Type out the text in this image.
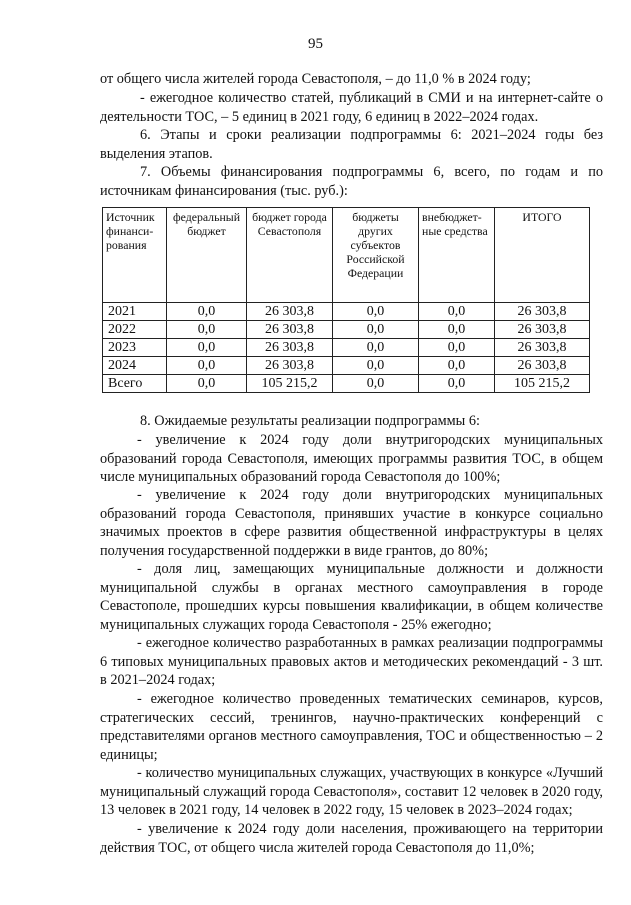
95

от общего числа жителей города Севастополя, – до 11,0 % в 2024 году;

- ежегодное количество статей, публикаций в СМИ и на интернет-сайте о деятельности ТОС, – 5 единиц в 2021 году, 6 единиц в 2022–2024 годах.

6. Этапы и сроки реализации подпрограммы 6: 2021–2024 годы без выделения этапов.

7. Объемы финансирования подпрограммы 6, всего, по годам и по источникам финансирования (тыс. руб.):

Источник финанси-рования	федеральный бюджет	бюджет города Севастополя	бюджеты других субъектов Российской Федерации	внебюджет-ные средства	ИТОГО
2021	0,0	26 303,8	0,0	0,0	26 303,8
2022	0,0	26 303,8	0,0	0,0	26 303,8
2023	0,0	26 303,8	0,0	0,0	26 303,8
2024	0,0	26 303,8	0,0	0,0	26 303,8
Всего	0,0	105 215,2	0,0	0,0	105 215,2

8. Ожидаемые результаты реализации подпрограммы 6:

- увеличение к 2024 году доли внутригородских муниципальных образований города Севастополя, имеющих программы развития ТОС, в общем числе муниципальных образований города Севастополя до 100%;

- увеличение к 2024 году доли внутригородских муниципальных образований города Севастополя, принявших участие в конкурсе социально значимых проектов в сфере развития общественной инфраструктуры в целях получения государственной поддержки в виде грантов, до 80%;

- доля лиц, замещающих муниципальные должности и должности муниципальной службы в органах местного самоуправления в городе Севастополе, прошедших курсы повышения квалификации, в общем количестве муниципальных служащих города Севастополя - 25% ежегодно;

- ежегодное количество разработанных в рамках реализации подпрограммы 6 типовых муниципальных правовых актов и методических рекомендаций - 3 шт. в 2021–2024 годах;

- ежегодное количество проведенных тематических семинаров, курсов, стратегических сессий, тренингов, научно-практических конференций с представителями органов местного самоуправления, ТОС и общественностью – 2 единицы;

- количество муниципальных служащих, участвующих в конкурсе «Лучший муниципальный служащий города Севастополя», составит 12 человек в 2020 году, 13 человек в 2021 году, 14 человек в 2022 году, 15 человек в 2023–2024 годах;

- увеличение к 2024 году доли населения, проживающего на территории действия ТОС, от общего числа жителей города Севастополя до 11,0%;
